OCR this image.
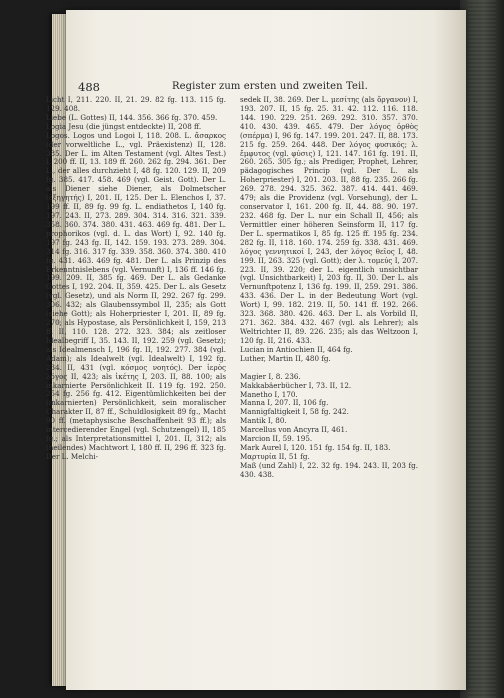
488	Register zum ersten und zweiten Teil.

Licht I, 211. 220. II, 21. 29. 82 fg. 113. 115 fg. 129. 408.

Liebe (L. Gottes) II, 144. 356. 366 fg. 370. 459.

Logia Jesu (die jüngst entdeckte) II, 208 ff.

Logos. Logos und Logoi I, 118. 208. L. ἄσαρκος (der vorweltliche L., vgl. Präexistenz) II, 128. 385. Der L. im Alten Testament (vgl. Altes Test.) I, 200 ff. II, 13. 189 ff. 260. 262 fg. 294. 361. Der L., der alles durchzieht I, 48 fg. 120. 129. II, 209 fg. 385. 417. 458. 469 (vgl. Geist. Gott). Der L. als Diener siehe Diener, als Dolmetscher (ἐξηγητής) I, 201. II, 125. Der L. Elenchos I, 37. 199 ff. II, 89 fg. 99 fg. L. endiathetos I, 140 fg. 197. 243. II, 273. 289. 304. 314. 316. 321. 339. 358. 360. 374. 380. 431. 463. 469 fg. 481. Der L. prophorikos (vgl. d. L. das Wort) I, 92. 140 fg. 197 fg. 243 fg. II, 142. 159. 193. 273. 289. 304. 314 fg. 316. 317 fg. 339. 358. 360. 374. 380. 410 fg. 431. 463. 469 fg. 481. Der L. als Prinzip des Erkenntnislebens (vgl. Vernunft) I, 136 ff. 146 fg. 199. 209. II, 385 fg. 469. Der L. als Gedanke Gottes I, 192. 204. II, 359. 425. Der L. als Gesetz (vgl. Gesetz), und als Norm II, 292. 267 fg. 299. 306. 432; als Glaubenssymbol II, 235; als Gott (siehe Gott); als Hoherpriester I, 201. II, 89 fg. 270; als Hypostase, als Persönlichkeit I, 159, 213 ff. II, 110. 128. 272. 323. 384; als zeitloser Idealbegriff I, 35. 143. II, 192. 259 (vgl. Gesetz); als Idealmensch I, 196 fg. II, 192. 277. 384 (vgl. Adam); als Idealwelt (vgl. Idealwelt) I, 192 fg. 234. II, 431 (vgl. κόσμος νοητός). Der ἱερὸς λόγος II, 423; als ἱκέτης I, 203. II, 88. 100; als inkarnierte Persönlichkeit II. 119 fg. 192. 250. 254 fg. 256 fg. 412. Eigentümlichkeiten bei der (inkarnierten) Persönlichkeit, sein moralischer Charakter II, 87 ff., Schuldlosigkeit 89 fg., Macht 90 ff. (metaphysische Beschaffenheit 93 ff.); als intercedierender Engel (vgl. Schutzengel) II, 185 fg.; als Interpretationsmittel I, 201. II, 312; als (heilendes) Machtwort I, 180 ff. II, 296 ff. 323 fg. Der L. Melchi-

sedek II, 38. 269. Der L. μεσίτης (als ὄργανον) I, 193. 207. II, 15 fg. 25. 31. 42. 112. 116. 118. 144. 190. 229. 251. 269. 292. 310. 357. 370. 410. 430. 439. 465. 479. Der λόγος ὀρθὸς (σπέρμα) I, 96 fg. 147. 199. 201. 247. II, 88. 173. 215 fg. 259. 264. 448. Der λόγος φυσικός; λ. ἔμφυτος (vgl. φύσις) I, 121. 147. 161 fg. 191. II, 260. 265. 305 fg.; als Prediger, Prophet, Lehrer, pädagogisches Princip (vgl. Der L. als Hoherpriester) I, 201. 203. II, 88 fg. 235. 266 fg. 269. 278. 294. 325. 362. 387. 414. 441. 469. 479; als die Providenz (vgl. Vorsehung), der L. conservator I, 161. 200 fg. II, 44. 88. 90. 197. 232. 468 fg. Der L. nur ein Schall II, 456; als Vermittler einer höheren Seinsform II, 117 fg. Der L. spermatikos I, 85 fg. 125 ff. 195 fg. 234. 282 fg. II, 118. 160. 174. 259 fg. 338. 431. 469. λόγος γεννητικοί I, 243, der λόγος θεῖος I, 48. 199. II, 263. 325 (vgl. Gott); der λ. τομεύς I, 207. 223. II, 39. 220; der L. eigentlich unsichtbar (vgl. Unsichtbarkeit) I, 203 fg. II, 30. Der L. als Vernunftpotenz I, 136 fg. 199. II, 259. 291. 386. 433. 436. Der L. in der Bedeutung Wort (vgl. Wort) I, 99. 182. 219. II, 50. 141 ff. 192. 266. 323. 368. 380. 426. 463. Der L. als Vorbild II, 271. 362. 384. 432. 467 (vgl. als Lehrer); als Weltrichter II, 89. 226. 235; als das Weltzoon I, 120 fg. II, 216. 433.

Lucian in Antiochien II, 464 fg.

Luther, Martin II, 480 fg.

Magier I, 8. 236.

Makkabäerbücher I, 73. II, 12.

Manetho I, 170.

Manna I, 207. II, 106 fg.

Mannigfaltigkeit I, 58 fg. 242.

Mantik I, 80.

Marcellus von Ancyra II, 461.

Marcion II, 59. 195.

Mark Aurel I, 120. 151 fg. 154 fg. II, 183.

Μαρτυρία II, 51 fg.

Maß (und Zahl) I, 22. 32 fg. 194. 243. II, 203 fg. 430. 438.
